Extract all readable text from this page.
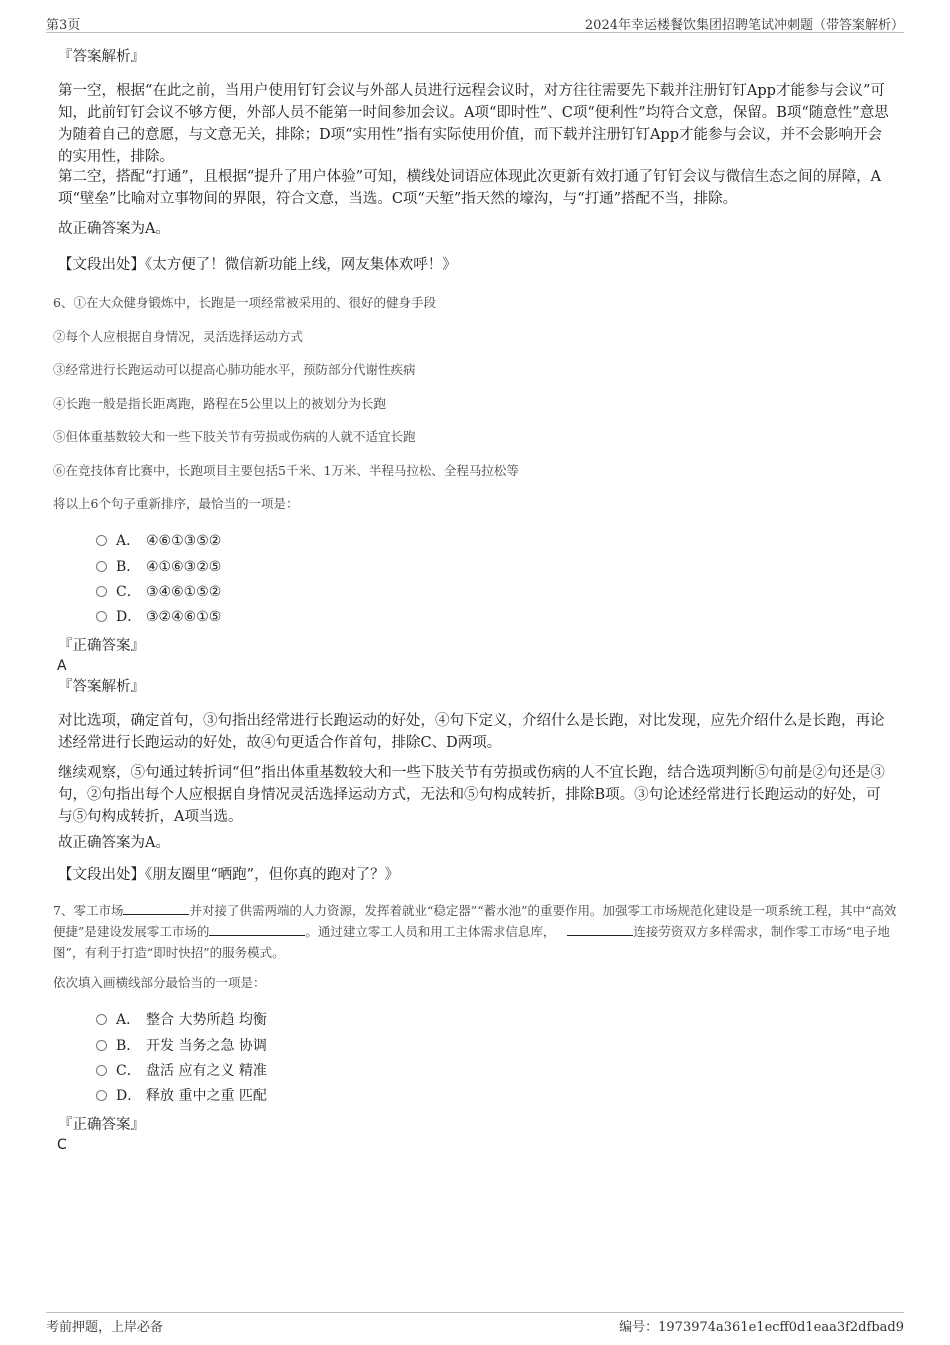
第3页	2024年幸运楼餐饮集团招聘笔试冲刺题（带答案解析）
『答案解析』
第一空，根据“在此之前，当用户使用钉钉会议与外部人员进行远程会议时，对方往往需要先下载并注册钉钉App才能参与会议”可知，此前钉钉会议不够方便，外部人员不能第一时间参加会议。A项“即时性”、C项“便利性”均符合文意，保留。B项“随意性”意思为随着自己的意愿，与文意无关，排除；D项“实用性”指有实际使用价值，而下载并注册钉钉App才能参与会议，并不会影响开会的实用性，排除。
第二空，搭配“打通”，且根据“提升了用户体验”可知，横线处词语应体现此次更新有效打通了钉钉会议与微信生态之间的屏障，A项“壁垒”比喻对立事物间的界限，符合文意，当选。C项“天堑”指天然的壕沟，与“打通”搭配不当，排除。
故正确答案为A。
【文段出处】《太方便了！微信新功能上线，网友集体欢呼！》
6、①在大众健身锻炼中，长跑是一项经常被采用的、很好的健身手段
②每个人应根据自身情况，灵活选择运动方式
③经常进行长跑运动可以提高心肺功能水平，预防部分代谢性疾病
④长跑一般是指长距离跑，路程在5公里以上的被划分为长跑
⑤但体重基数较大和一些下肢关节有劳损或伤病的人就不适宜长跑
⑥在竞技体育比赛中，长跑项目主要包括5千米、1万米、半程马拉松、全程马拉松等
将以上6个句子重新排序，最恰当的一项是：
A． ④⑥①③⑤②
B． ④①⑥③②⑤
C． ③④⑥①⑤②
D． ③②④⑥①⑤
『正确答案』
A
『答案解析』
对比选项，确定首句，③句指出经常进行长跑运动的好处，④句下定义，介绍什么是长跑，对比发现，应先介绍什么是长跑，再论述经常进行长跑运动的好处，故④句更适合作首句，排除C、D两项。
继续观察，⑤句通过转折词“但”指出体重基数较大和一些下肢关节有劳损或伤病的人不宜长跑，结合选项判断⑤句前是②句还是③句，②句指出每个人应根据自身情况灵活选择运动方式，无法和⑤句构成转折，排除B项。③句论述经常进行长跑运动的好处，可与⑤句构成转折，A项当选。
故正确答案为A。
【文段出处】《朋友圈里“晒跑”，但你真的跑对了？》
7、零工市场	并对接了供需两端的人力资源，发挥着就业“稳定器”“蓄水池”的重要作用。加强零工市场规范化建设是一项系统工程，其中“高效便捷”是建设发展零工市场的	。通过建立零工人员和用工主体需求信息库，	连接劳资双方多样需求，制作零工市场“电子地图”，有利于打造“即时快招”的服务模式。
依次填入画横线部分最恰当的一项是：
A． 整合 大势所趋 均衡
B． 开发 当务之急 协调
C． 盘活 应有之义 精准
D． 释放 重中之重 匹配
『正确答案』
C
考前押题，上岸必备	编号：1973974a361e1ecff0d1eaa3f2dfbad9
